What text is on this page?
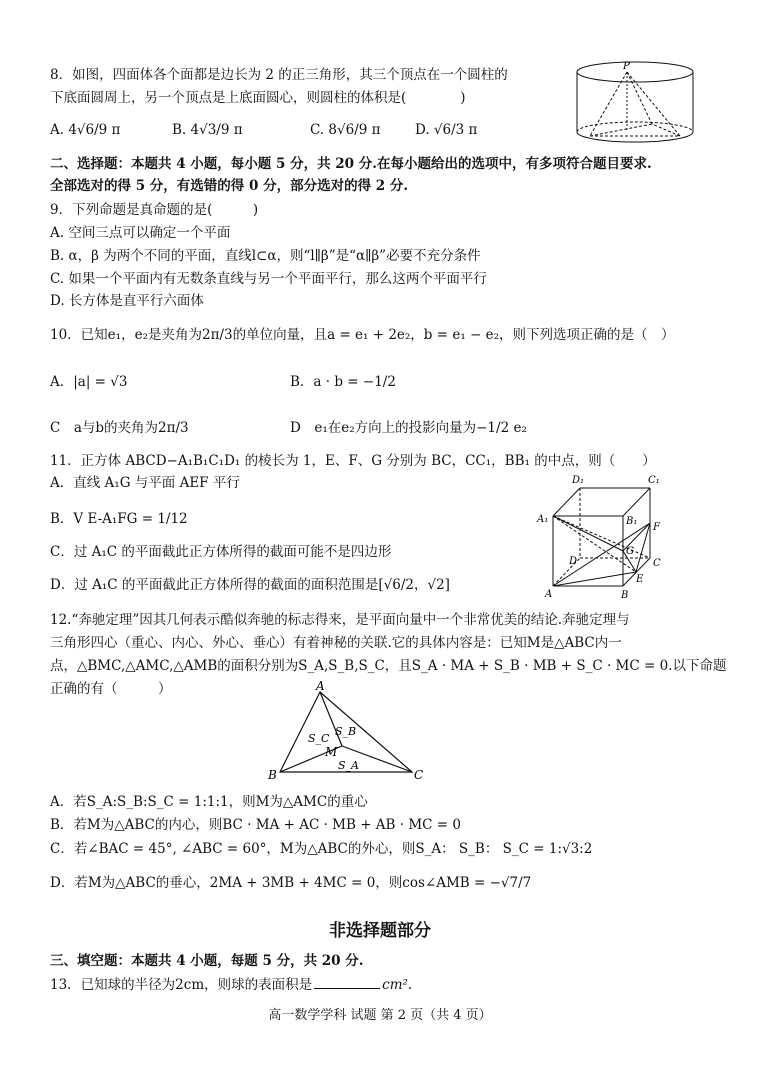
8．如图，四面体各个面都是边长为 2 的正三角形，其三个顶点在一个圆柱的
下底面圆周上，另一个顶点是上底面圆心，则圆柱的体积是(　　　　)
A. 4√6/9 π	B. 4√3/9 π	C. 8√6/9 π	D. √6/3 π
P
二、选择题：本题共 4 小题，每小题 5 分，共 20 分.在每小题给出的选项中，有多项符合题目要求.
全部选对的得 5 分，有选错的得 0 分，部分选对的得 2 分.
9．下列命题是真命题的是(　　　)
A. 空间三点可以确定一个平面
B. α，β 为两个不同的平面，直线l⊂α，则“l∥β”是“α∥β”必要不充分条件
C. 如果一个平面内有无数条直线与另一个平面平行，那么这两个平面平行
D. 长方体是直平行六面体
10．已知e₁，e₂是夹角为2π/3的单位向量，且a = e₁ + 2e₂，b = e₁ − e₂，则下列选项正确的是（　）
A．|a| = √3	B．a · b = −1/2
C　a与b的夹角为2π/3	D　e₁在e₂方向上的投影向量为−1/2 e₂
11．正方体 ABCD−A₁B₁C₁D₁ 的棱长为 1，E、F、G 分别为 BC，CC₁，BB₁ 的中点，则（　　）
A．直线 A₁G 与平面 AEF 平行
B．V E-A₁FG = 1/12
C．过 A₁C 的平面截此正方体所得的截面可能不是四边形
D．过 A₁C 的平面截此正方体所得的截面的面积范围是[√6/2，√2]
D₁	C₁
A₁	B₁
F
G
D	C
E
A	B
12.“奔驰定理”因其几何表示酷似奔驰的标志得来，是平面向量中一个非常优美的结论.奔驰定理与
三角形四心（重心、内心、外心、垂心）有着神秘的关联.它的具体内容是：已知M是△ABC内一
点，△BMC,△AMC,△AMB的面积分别为S_A,S_B,S_C，且S_A · MA + S_B · MB + S_C · MC = 0.以下命题
正确的有（　　　）	A
B	C
M
S_C
S_B
S_A
A．若S_A:S_B:S_C = 1:1:1，则M为△AMC的重心
B．若M为△ABC的内心，则BC · MA + AC · MB + AB · MC = 0
C．若∠BAC = 45°, ∠ABC = 60°，M为△ABC的外心，则S_A： S_B： S_C = 1:√3:2
D．若M为△ABC的垂心，2MA + 3MB + 4MC = 0，则cos∠AMB = −√7/7
非选择题部分
三、填空题：本题共 4 小题，每题 5 分，共 20 分.
13．已知球的半径为2cm，则球的表面积是	cm².
高一数学学科 试题 第 2 页（共 4 页）
